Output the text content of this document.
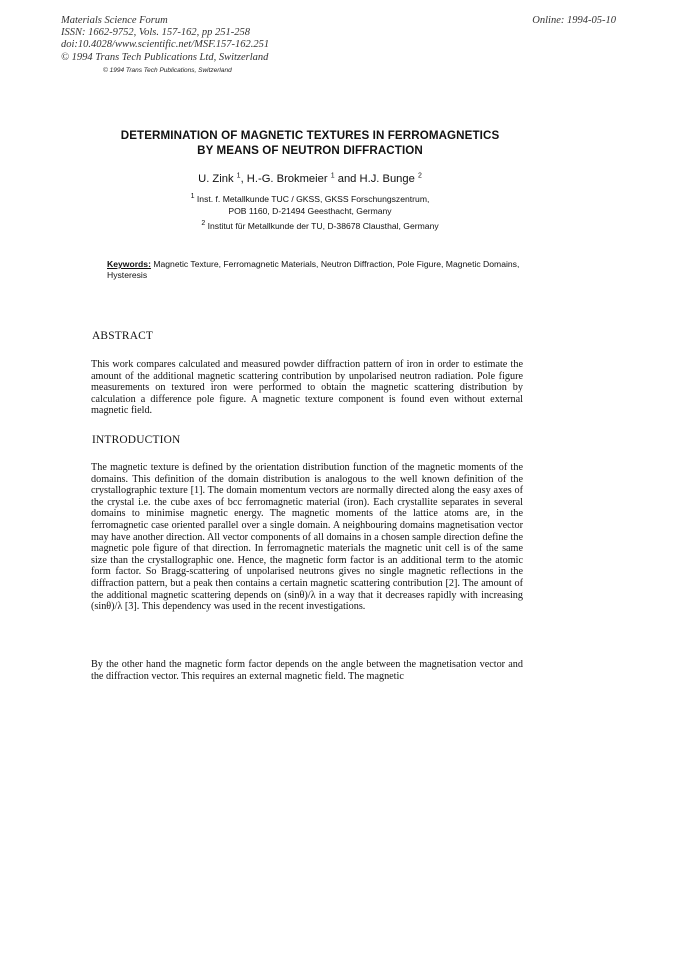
Materials Science Forum
ISSN: 1662-9752, Vols. 157-162, pp 251-258
doi:10.4028/www.scientific.net/MSF.157-162.251
© 1994 Trans Tech Publications Ltd, Switzerland
Online: 1994-05-10
© 1994 Trans Tech Publications, Switzerland
DETERMINATION OF MAGNETIC TEXTURES IN FERROMAGNETICS
BY MEANS OF NEUTRON DIFFRACTION
U. Zink $^1$, H.-G. Brokmeier $^1$ and H.J. Bunge $^2$
$^1$ Inst. f. Metallkunde TUC / GKSS, GKSS Forschungszentrum,
POB 1160, D-21494 Geesthacht, Germany
$^2$ Institut für Metallkunde der TU, D-38678 Clausthal, Germany
Keywords: Magnetic Texture, Ferromagnetic Materials, Neutron Diffraction, Pole Figure, Magnetic Domains, Hysteresis
ABSTRACT

This work compares calculated and measured powder diffraction pattern of iron in order to estimate the amount of the additional magnetic scattering contribution by unpolarised neutron radiation. Pole figure measurements on textured iron were performed to obtain the magnetic scattering distribution by calculation a difference pole figure. A magnetic texture component is found even without external magnetic field.

INTRODUCTION

The magnetic texture is defined by the orientation distribution function of the magnetic moments of the domains. This definition of the domain distribution is analogous to the well known definition of the crystallographic texture [1]. The domain momentum vectors are normally directed along the easy axes of the crystal i.e. the cube axes of bcc ferromagnetic material (iron). Each crystallite separates in several domains to minimise magnetic energy. The magnetic moments of the lattice atoms are, in the ferromagnetic case oriented parallel over a single domain. A neighbouring domains magnetisation vector may have another direction. All vector components of all domains in a chosen sample direction define the magnetic pole figure of that direction. In ferromagnetic materials the magnetic unit cell is of the same size than the crystallographic one. Hence, the magnetic form factor is an additional term to the atomic form factor. So Bragg-scattering of unpolarised neutrons gives no single magnetic reflections in the diffraction pattern, but a peak then contains a certain magnetic scattering contribution [2]. The amount of the additional magnetic scattering depends on (sinθ)/λ in a way that it decreases rapidly with increasing (sinθ)/λ [3]. This dependency was used in the recent investigations.

By the other hand the magnetic form factor depends on the angle between the magnetisation vector and the diffraction vector. This requires an external magnetic field. The magnetic
